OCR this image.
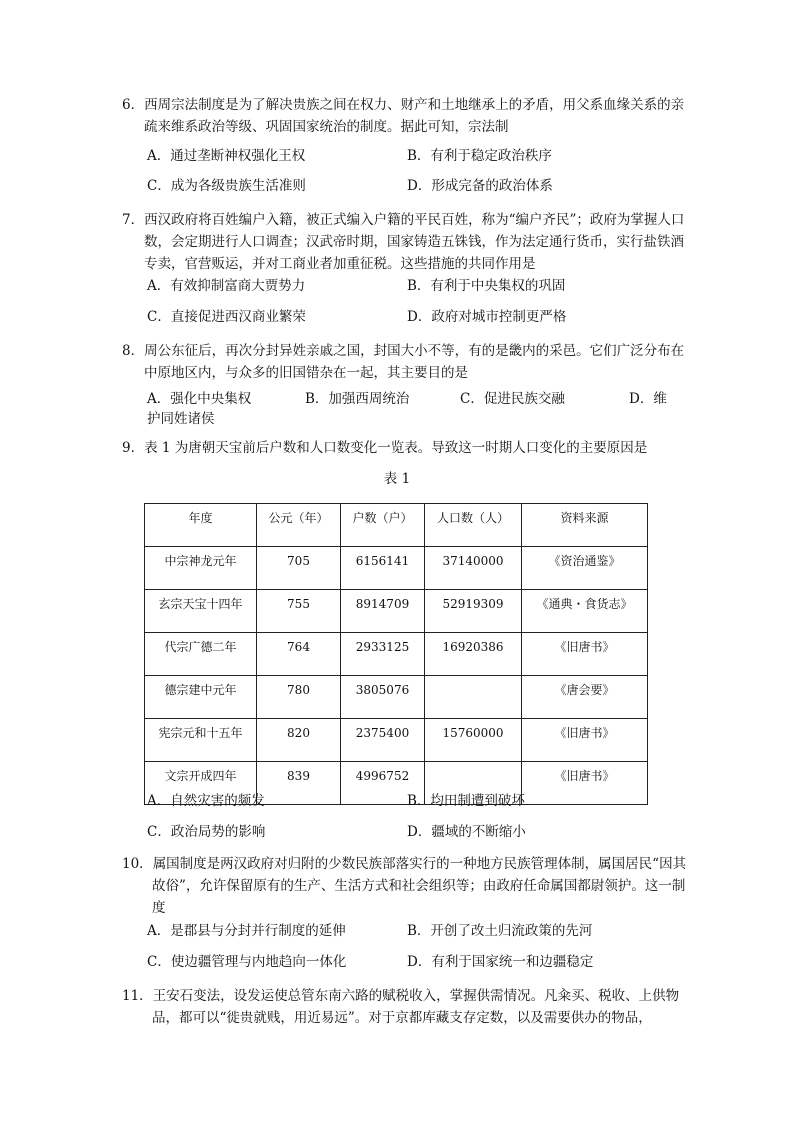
6．西周宗法制度是为了解决贵族之间在权力、财产和土地继承上的矛盾，用父系血缘关系的亲疏来维系政治等级、巩固国家统治的制度。据此可知，宗法制

A．通过垄断神权强化王权	B．有利于稳定政治秩序
C．成为各级贵族生活准则	D．形成完备的政治体系

7．西汉政府将百姓编户入籍，被正式编入户籍的平民百姓，称为“编户齐民”；政府为掌握人口数，会定期进行人口调查；汉武帝时期，国家铸造五铢钱，作为法定通行货币，实行盐铁酒专卖，官营贩运，并对工商业者加重征税。这些措施的共同作用是

A．有效抑制富商大贾势力	B．有利于中央集权的巩固
C．直接促进西汉商业繁荣	D．政府对城市控制更严格

8．周公东征后，再次分封异姓亲戚之国，封国大小不等，有的是畿内的采邑。它们广泛分布在中原地区内，与众多的旧国错杂在一起，其主要目的是

A．强化中央集权	B．加强西周统治	C．促进民族交融	D．维
护同姓诸侯

9．表 1 为唐朝天宝前后户数和人口数变化一览表。导致这一时期人口变化的主要原因是

表 1
年度	公元（年）	户数（户）	人口数（人）	资料来源
中宗神龙元年	705	6156141	37140000	《资治通鉴》
玄宗天宝十四年	755	8914709	52919309	《通典・食货志》
代宗广德二年	764	2933125	16920386	《旧唐书》
德宗建中元年	780	3805076		《唐会要》
宪宗元和十五年	820	2375400	15760000	《旧唐书》
文宗开成四年	839	4996752		《旧唐书》
A．自然灾害的频发	B．均田制遭到破坏
C．政治局势的影响	D．疆域的不断缩小

10．属国制度是两汉政府对归附的少数民族部落实行的一种地方民族管理体制，属国居民“因其故俗”，允许保留原有的生产、生活方式和社会组织等；由政府任命属国都尉领护。这一制度

A．是郡县与分封并行制度的延伸	B．开创了改土归流政策的先河
C．使边疆管理与内地趋向一体化	D．有利于国家统一和边疆稳定

11．王安石变法，设发运使总管东南六路的赋税收入，掌握供需情况。凡籴买、税收、上供物品，都可以“徙贵就贱，用近易远”。对于京都库藏支存定数，以及需要供办的物品，
